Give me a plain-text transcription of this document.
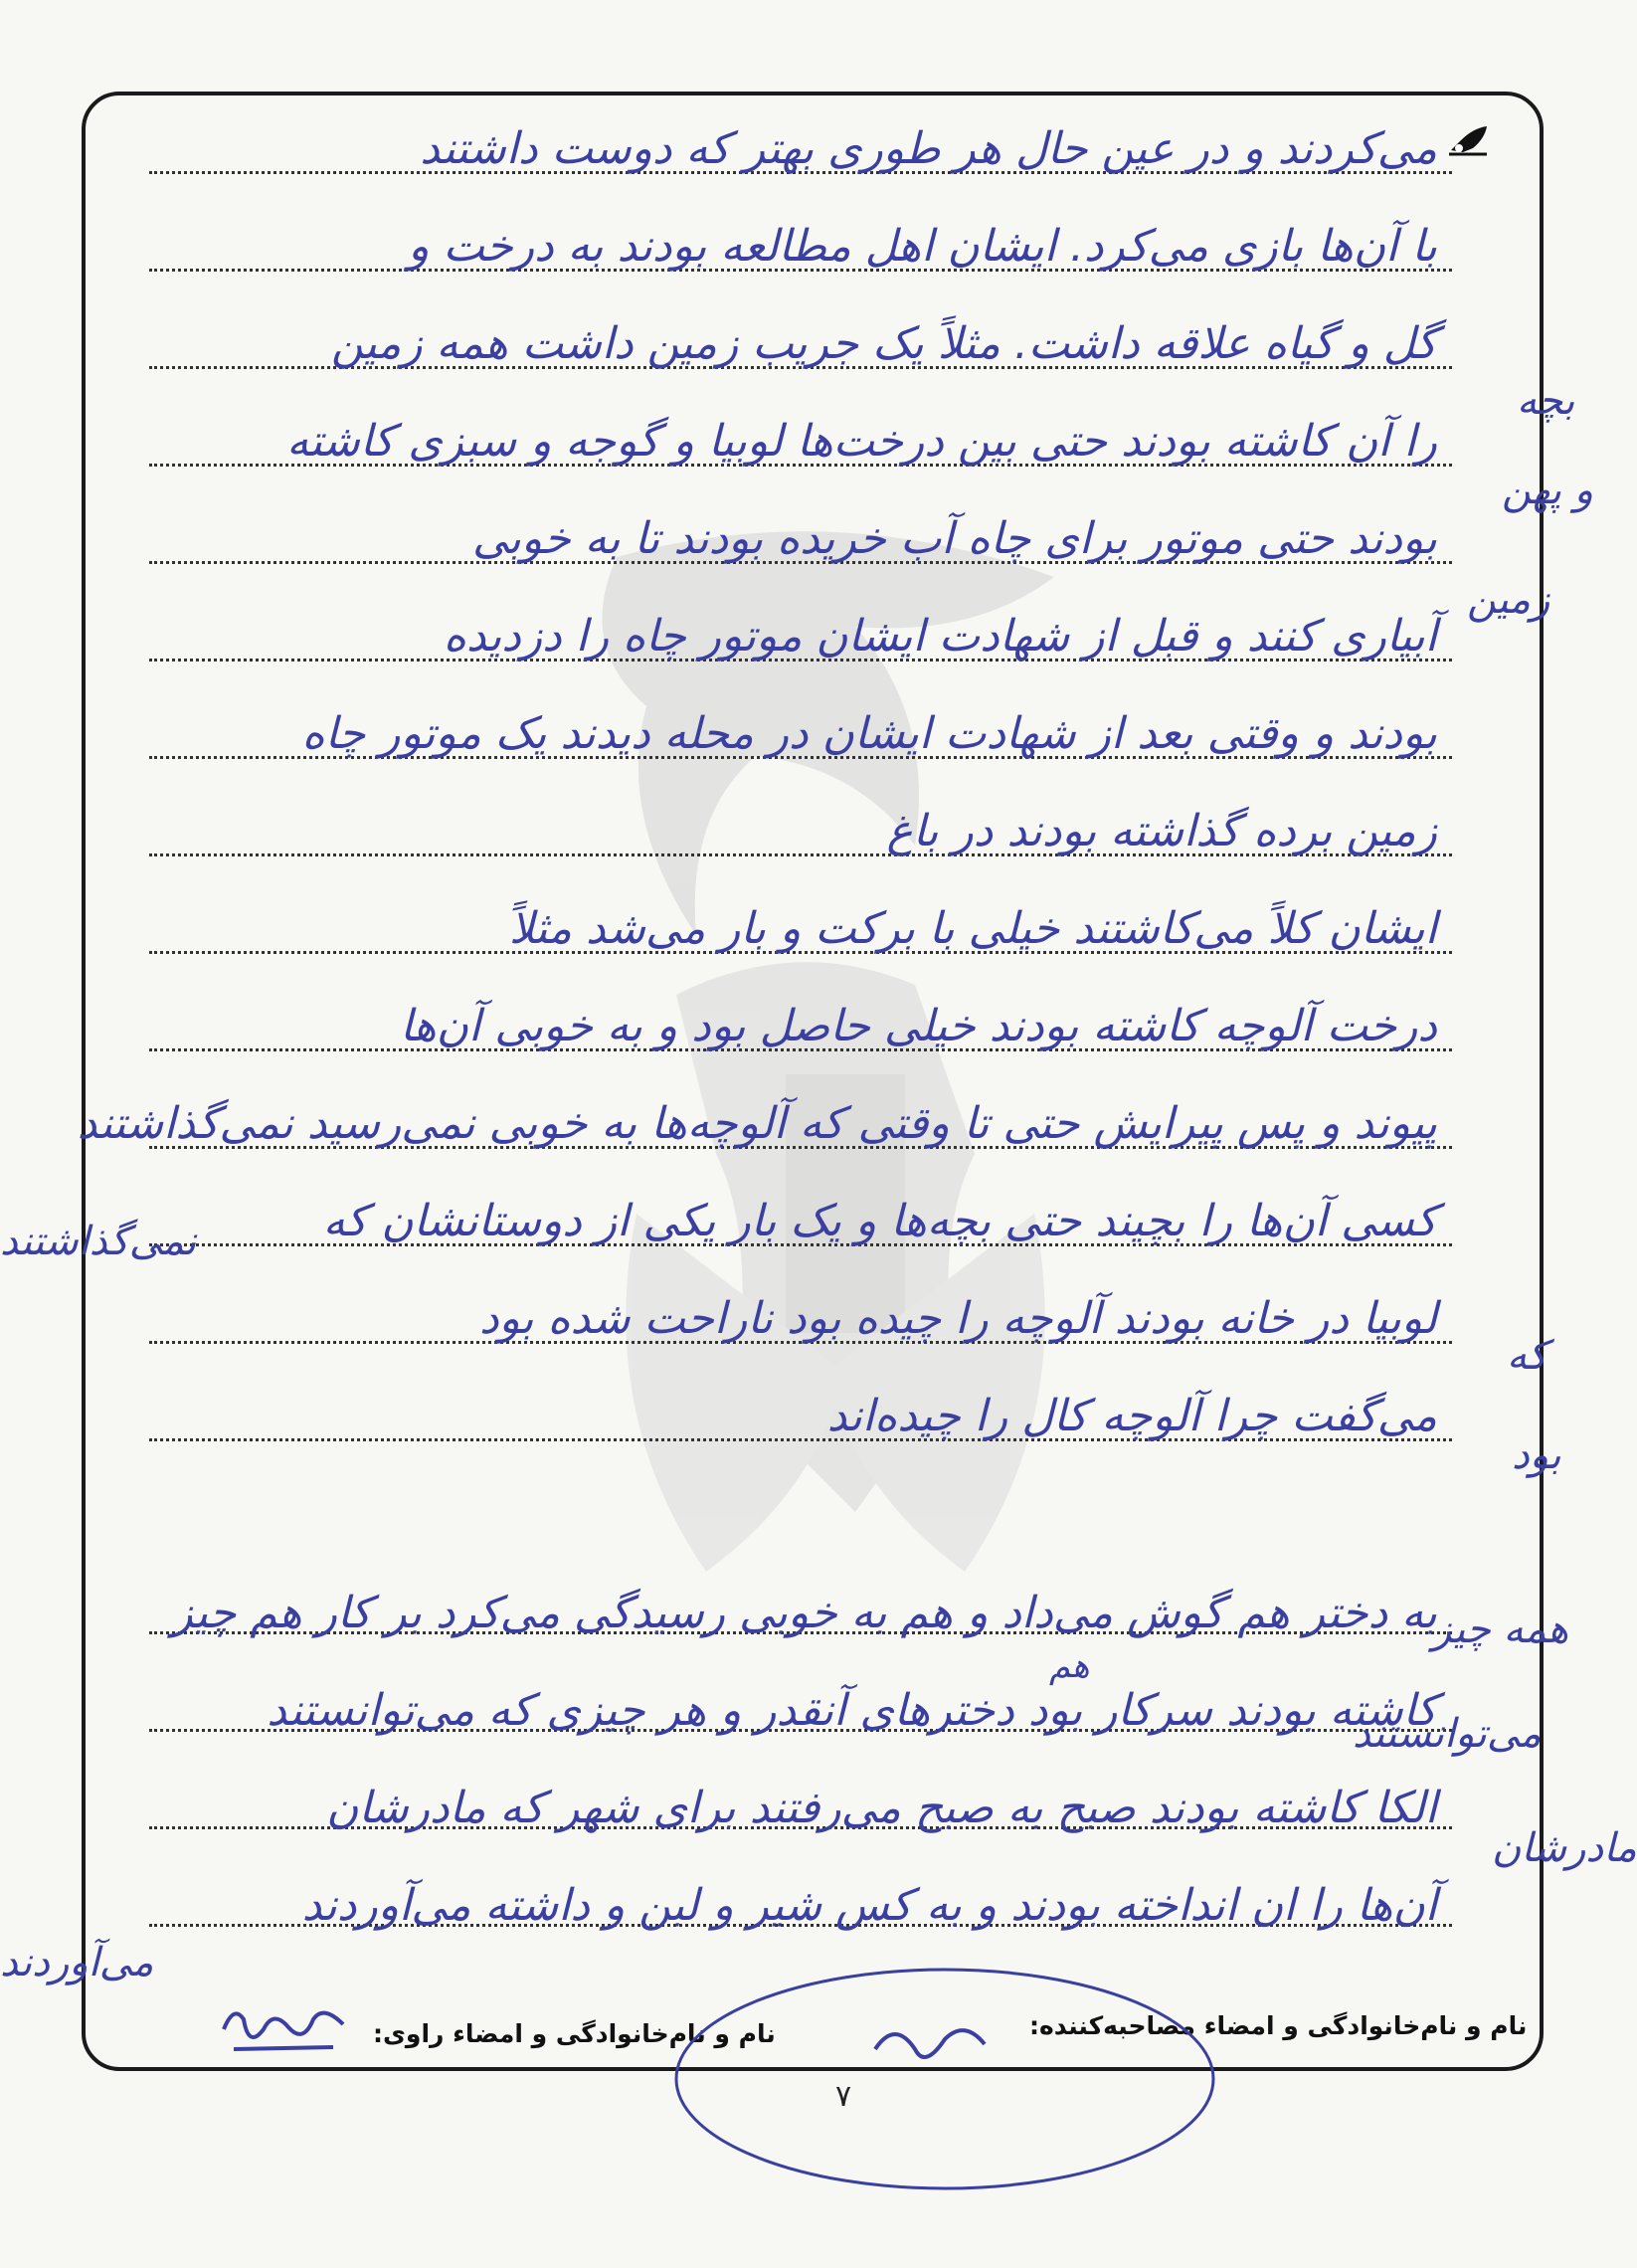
می‌کردند و در عین حال هر طوری بهتر که دوست داشتند
با آن‌ها بازی می‌کرد. ایشان اهل مطالعه بودند به درخت و
گل و گیاه علاقه داشت. مثلاً یک جریب زمین داشت همه زمین
را آن کاشته بودند حتی بین درخت‌ها لوبیا و گوجه و سبزی کاشته
بودند حتی موتور برای چاه آب خریده بودند تا به خوبی
آبیاری کنند و قبل از شهادت ایشان موتور چاه را دزدیده
بودند و وقتی بعد از شهادت ایشان در محله دیدند یک موتور چاه
زمین برده گذاشته بودند در باغ
ایشان کلاً می‌کاشتند خیلی با برکت و بار می‌شد مثلاً
درخت آلوچه کاشته بودند خیلی حاصل بود و به خوبی آن‌ها
پیوند و پس پیرایش حتی تا وقتی که آلوچه‌ها به خوبی نمی‌رسید نمی‌گذاشتند
کسی آن‌ها را بچیند حتی بچه‌ها و یک بار یکی از دوستانشان که
لوبیا در خانه بودند آلوچه را چیده بود ناراحت شده بود
می‌گفت چرا آلوچه کال را چیده‌اند
به دختر هم گوش می‌داد و هم به خوبی رسیدگی می‌کرد بر کار هم چیز
کاشته بودند سرکار بود دخترهای آنقدر و هر چیزی که می‌توانستند
الکا کاشته بودند صبح به صبح می‌رفتند برای شهر که مادرشان
آن‌ها را ان انداخته بودند و به کس شیر و لبن و داشته می‌آوردند
بچه
و پهن
زمین
نمی‌گذاشتند
که
بود
همه چیز
می‌توانستند
مادرشان
می‌آوردند
هم
نام و نام‌خانوادگی و امضاء مصاحبه‌کننده:
نام و نام‌خانوادگی و امضاء راوی:
۷
